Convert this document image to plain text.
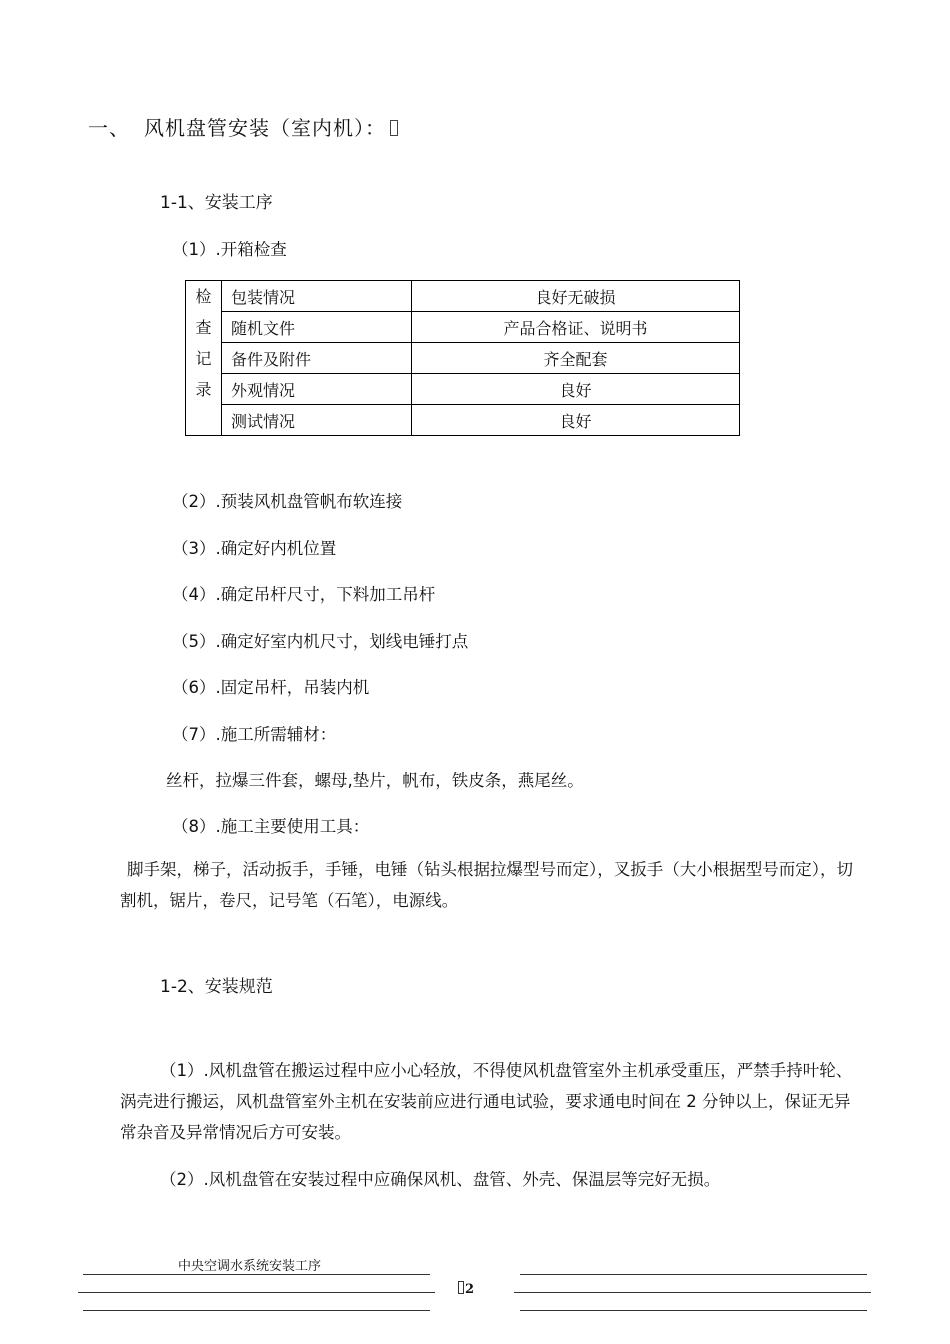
一、 风机盘管安装（室内机）：
1-1、安装工序
（1）.开箱检查
检
查
记
录	包装情况	良好无破损
	随机文件	产品合格证、说明书
	备件及附件	齐全配套
	外观情况	良好
	测试情况	良好
（2）.预装风机盘管帆布软连接
（3）.确定好内机位置
（4）.确定吊杆尺寸，下料加工吊杆
（5）.确定好室内机尺寸，划线电锤打点
（6）.固定吊杆，吊装内机
（7）.施工所需辅材：
丝杆，拉爆三件套，螺母,垫片，帆布，铁皮条，燕尾丝。
（8）.施工主要使用工具：
脚手架，梯子，活动扳手，手锤，电锤（钻头根据拉爆型号而定），叉扳手（大小根据型号而定），切割机，锯片，卷尺，记号笔（石笔），电源线。
1-2、安装规范
（1）.风机盘管在搬运过程中应小心轻放，不得使风机盘管室外主机承受重压，严禁手持叶轮、涡壳进行搬运，风机盘管室外主机在安装前应进行通电试验，要求通电时间在 2 分钟以上，保证无异常杂音及异常情况后方可安装。
（2）.风机盘管在安装过程中应确保风机、盘管、外壳、保温层等完好无损。
中央空调水系统安装工序
2
